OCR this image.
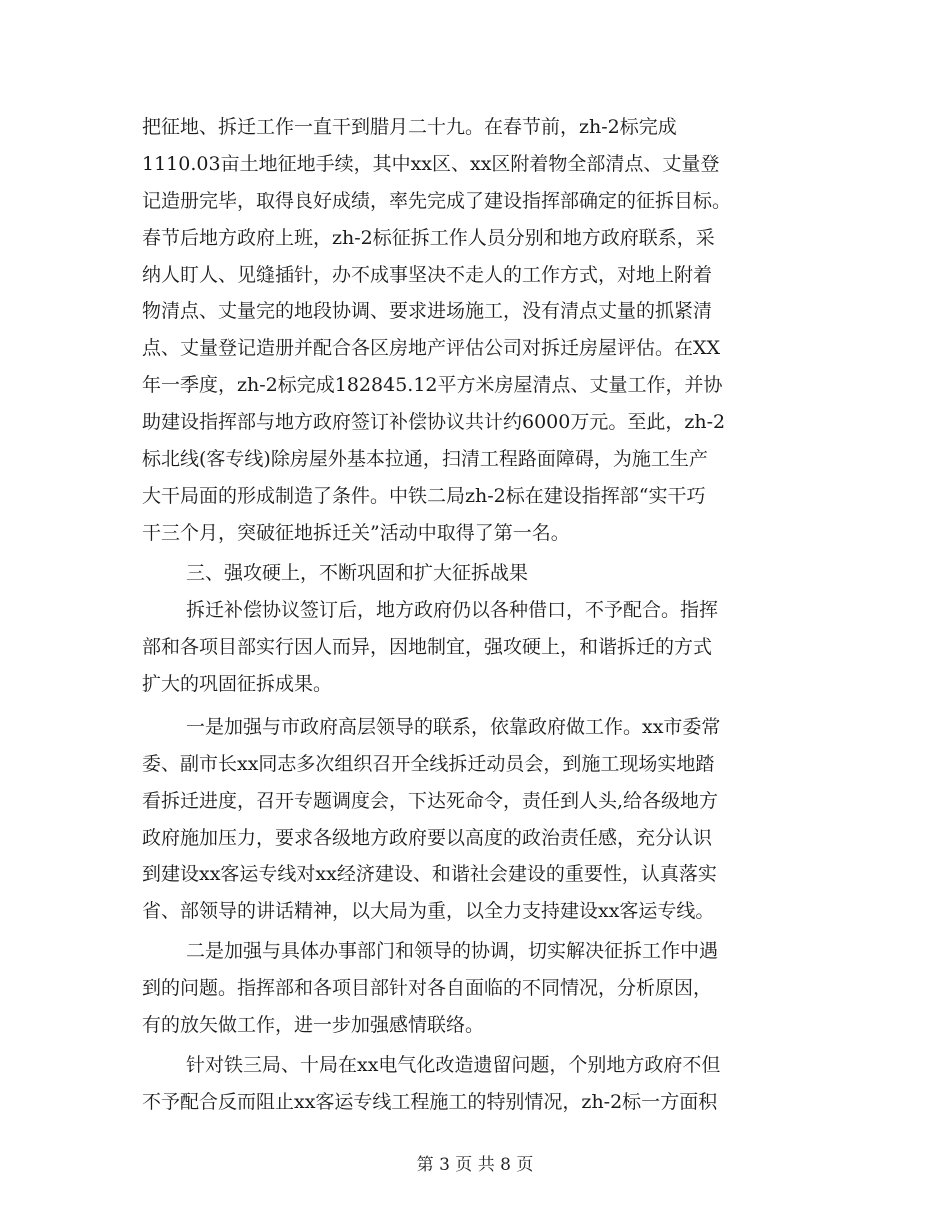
把征地、拆迁工作一直干到腊月二十九。在春节前，zh-2标完成
1110.03亩土地征地手续，其中xx区、xx区附着物全部清点、丈量登
记造册完毕，取得良好成绩，率先完成了建设指挥部确定的征拆目标。
春节后地方政府上班，zh-2标征拆工作人员分别和地方政府联系，采
纳人盯人、见缝插针，办不成事坚决不走人的工作方式，对地上附着
物清点、丈量完的地段协调、要求进场施工，没有清点丈量的抓紧清
点、丈量登记造册并配合各区房地产评估公司对拆迁房屋评估。在XX
年一季度，zh-2标完成182845.12平方米房屋清点、丈量工作，并协
助建设指挥部与地方政府签订补偿协议共计约6000万元。至此，zh-2
标北线(客专线)除房屋外基本拉通，扫清工程路面障碍，为施工生产
大干局面的形成制造了条件。中铁二局zh-2标在建设指挥部“实干巧
干三个月，突破征地拆迁关”活动中取得了第一名。
三、强攻硬上，不断巩固和扩大征拆战果
拆迁补偿协议签订后，地方政府仍以各种借口，不予配合。指挥
部和各项目部实行因人而异，因地制宜，强攻硬上，和谐拆迁的方式
扩大的巩固征拆成果。
一是加强与市政府高层领导的联系，依靠政府做工作。xx市委常
委、副市长xx同志多次组织召开全线拆迁动员会，到施工现场实地踏
看拆迁进度，召开专题调度会，下达死命令，责任到人头,给各级地方
政府施加压力，要求各级地方政府要以高度的政治责任感，充分认识
到建设xx客运专线对xx经济建设、和谐社会建设的重要性，认真落实
省、部领导的讲话精神，以大局为重，以全力支持建设xx客运专线。
二是加强与具体办事部门和领导的协调，切实解决征拆工作中遇
到的问题。指挥部和各项目部针对各自面临的不同情况，分析原因，
有的放矢做工作，进一步加强感情联络。
针对铁三局、十局在xx电气化改造遗留问题，个别地方政府不但
不予配合反而阻止xx客运专线工程施工的特别情况，zh-2标一方面积
第 3 页 共 8 页
